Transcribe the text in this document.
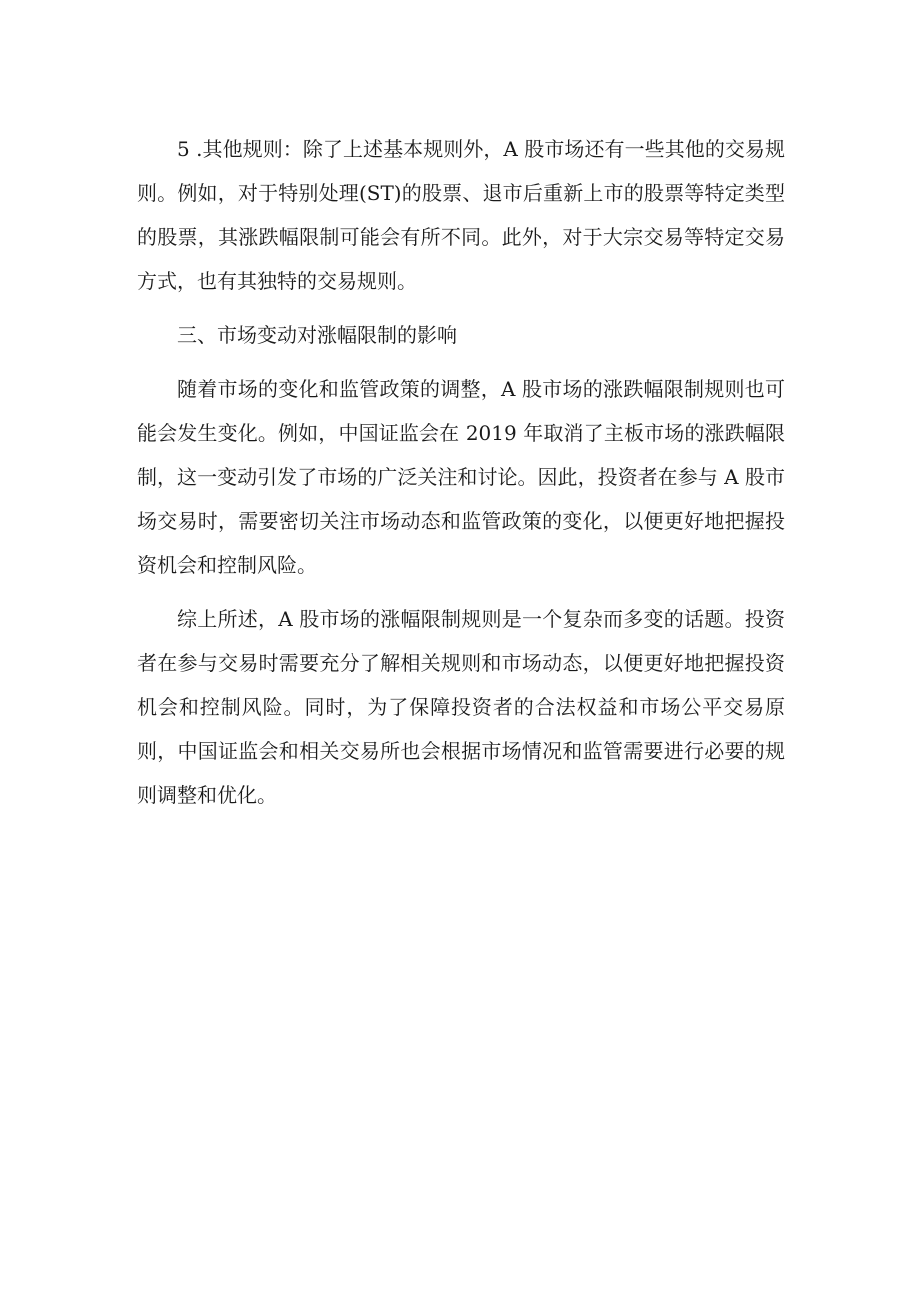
5 .其他规则：除了上述基本规则外，A 股市场还有一些其他的交易规则。例如，对于特别处理(ST)的股票、退市后重新上市的股票等特定类型的股票，其涨跌幅限制可能会有所不同。此外，对于大宗交易等特定交易方式，也有其独特的交易规则。

三、市场变动对涨幅限制的影响

随着市场的变化和监管政策的调整，A 股市场的涨跌幅限制规则也可能会发生变化。例如，中国证监会在 2019 年取消了主板市场的涨跌幅限制，这一变动引发了市场的广泛关注和讨论。因此，投资者在参与 A 股市场交易时，需要密切关注市场动态和监管政策的变化，以便更好地把握投资机会和控制风险。

综上所述，A 股市场的涨幅限制规则是一个复杂而多变的话题。投资者在参与交易时需要充分了解相关规则和市场动态，以便更好地把握投资机会和控制风险。同时，为了保障投资者的合法权益和市场公平交易原则，中国证监会和相关交易所也会根据市场情况和监管需要进行必要的规则调整和优化。
